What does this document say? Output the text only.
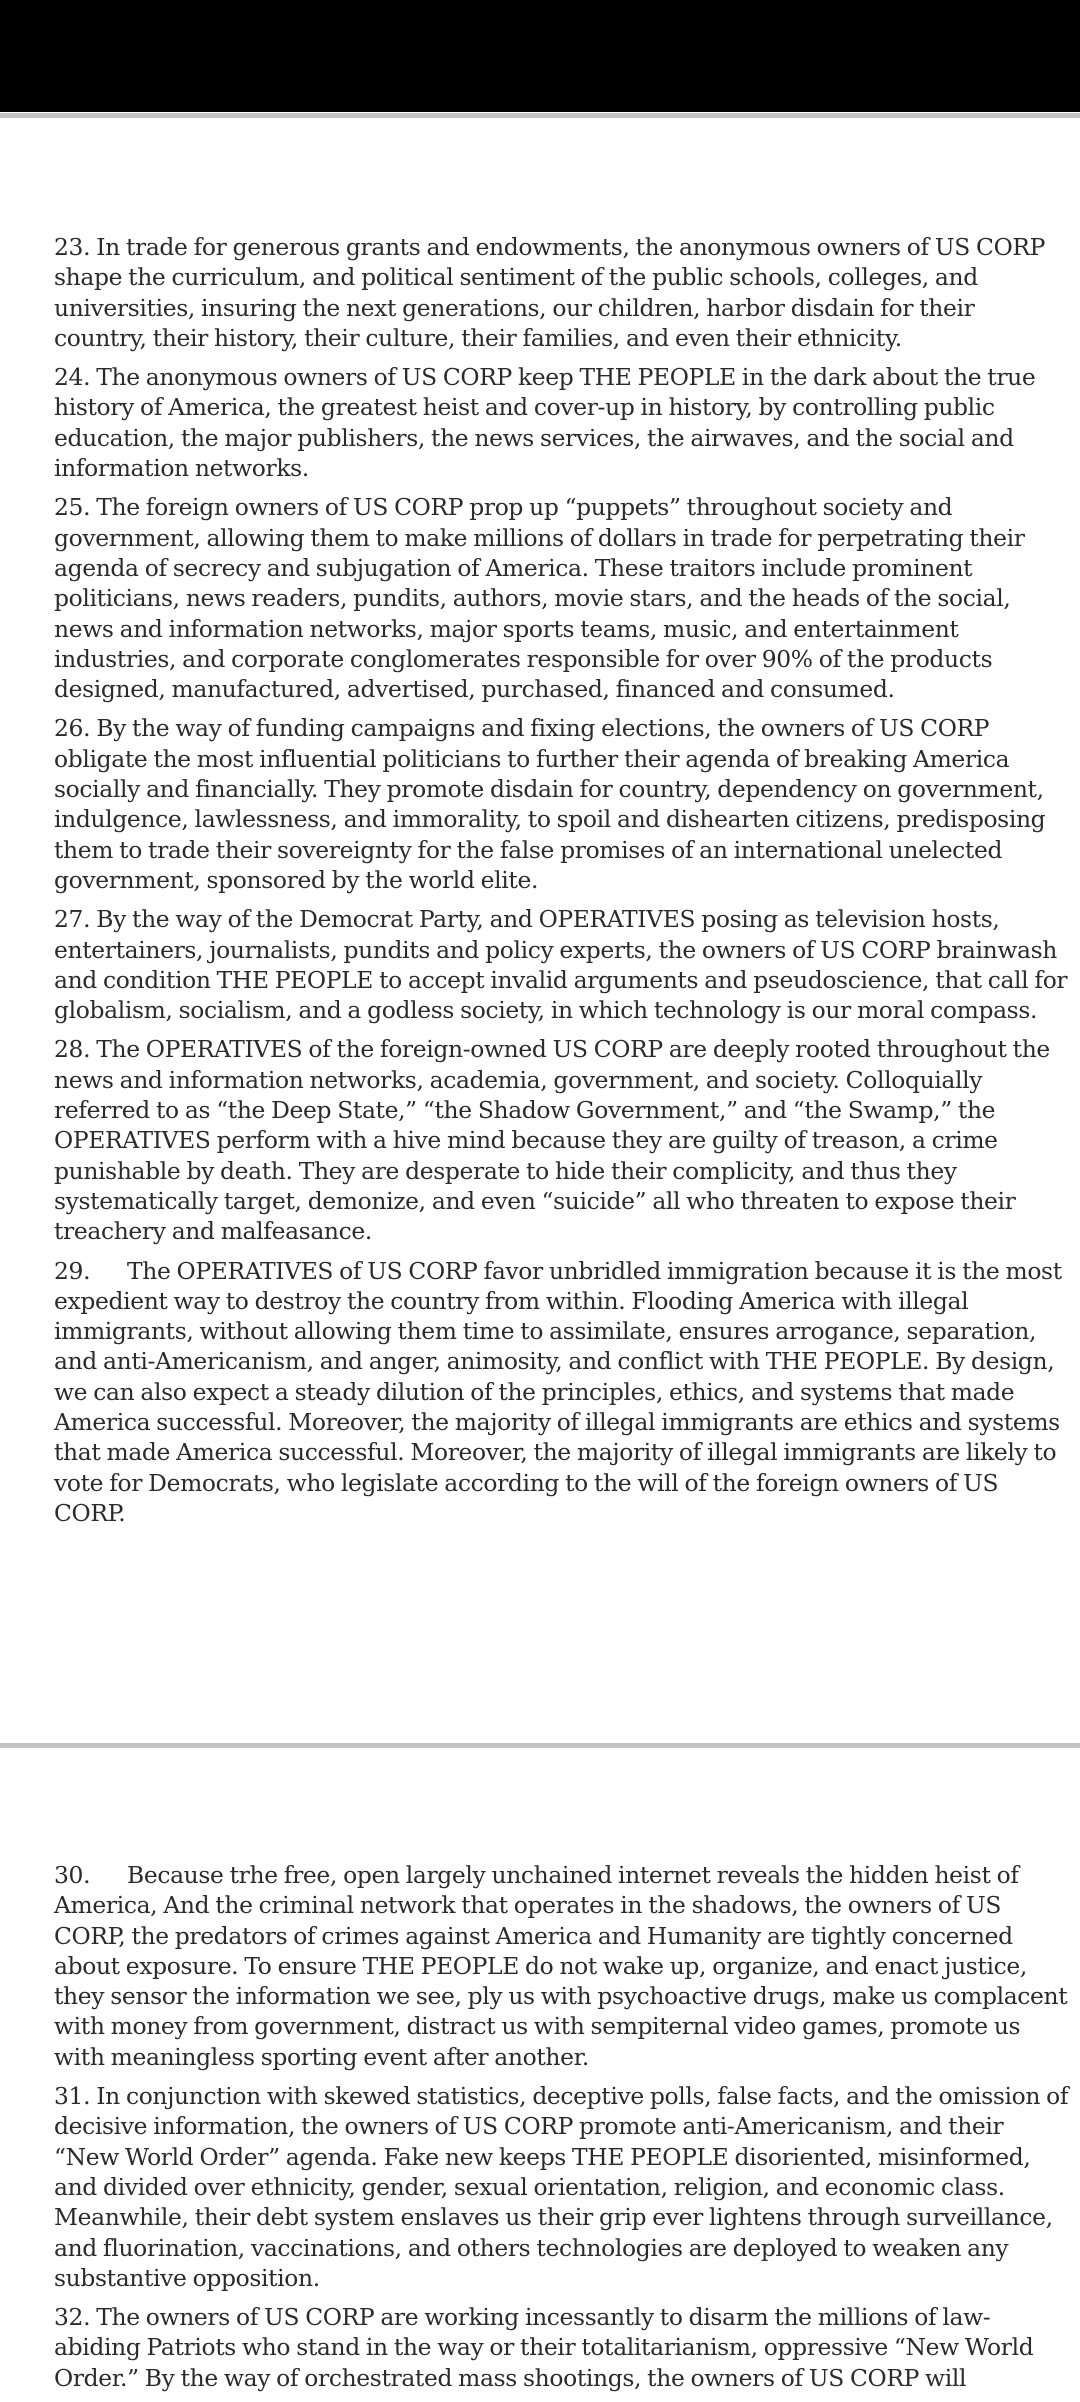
23. In trade for generous grants and endowments, the anonymous owners of US CORP shape the curriculum, and political sentiment of the public schools, colleges, and universities, insuring the next generations, our children, harbor disdain for their country, their history, their culture, their families, and even their ethnicity.

24. The anonymous owners of US CORP keep THE PEOPLE in the dark about the true history of America, the greatest heist and cover-up in history, by controlling public education, the major publishers, the news services, the airwaves, and the social and information networks.

25. The foreign owners of US CORP prop up “puppets” throughout society and government, allowing them to make millions of dollars in trade for perpetrating their agenda of secrecy and subjugation of America. These traitors include prominent politicians, news readers, pundits, authors, movie stars, and the heads of the social, news and information networks, major sports teams, music, and entertainment industries, and corporate conglomerates responsible for over 90% of the products designed, manufactured, advertised, purchased, financed and consumed.

26. By the way of funding campaigns and fixing elections, the owners of US CORP obligate the most influential politicians to further their agenda of breaking America socially and financially. They promote disdain for country, dependency on government, indulgence, lawlessness, and immorality, to spoil and dishearten citizens, predisposing them to trade their sovereignty for the false promises of an international unelected government, sponsored by the world elite.

27. By the way of the Democrat Party, and OPERATIVES posing as television hosts, entertainers, journalists, pundits and policy experts, the owners of US CORP brainwash and condition THE PEOPLE to accept invalid arguments and pseudoscience, that call for globalism, socialism, and a godless society, in which technology is our moral compass.

28. The OPERATIVES of the foreign-owned US CORP are deeply rooted throughout the news and information networks, academia, government, and society. Colloquially referred to as “the Deep State,” “the Shadow Government,” and “the Swamp,” the OPERATIVES perform with a hive mind because they are guilty of treason, a crime punishable by death. They are desperate to hide their complicity, and thus they systematically target, demonize, and even “suicide” all who threaten to expose their treachery and malfeasance.

29. The OPERATIVES of US CORP favor unbridled immigration because it is the most expedient way to destroy the country from within. Flooding America with illegal immigrants, without allowing them time to assimilate, ensures arrogance, separation, and anti-Americanism, and anger, animosity, and conflict with THE PEOPLE. By design, we can also expect a steady dilution of the principles, ethics, and systems that made America successful. Moreover, the majority of illegal immigrants are ethics and systems that made America successful. Moreover, the majority of illegal immigrants are likely to vote for Democrats, who legislate according to the will of the foreign owners of US CORP.

30. Because trhe free, open largely unchained internet reveals the hidden heist of America, And the criminal network that operates in the shadows, the owners of US CORP, the predators of crimes against America and Humanity are tightly concerned about exposure. To ensure THE PEOPLE do not wake up, organize, and enact justice, they sensor the information we see, ply us with psychoactive drugs, make us complacent with money from government, distract us with sempiternal video games, promote us with meaningless sporting event after another.

31. In conjunction with skewed statistics, deceptive polls, false facts, and the omission of decisive information, the owners of US CORP promote anti-Americanism, and their “New World Order” agenda. Fake new keeps THE PEOPLE disoriented, misinformed, and divided over ethnicity, gender, sexual orientation, religion, and economic class. Meanwhile, their debt system enslaves us their grip ever lightens through surveillance, and fluorination, vaccinations, and others technologies are deployed to weaken any substantive opposition.

32. The owners of US CORP are working incessantly to disarm the millions of law-abiding Patriots who stand in the way or their totalitarianism, oppressive “New World Order.” By the way of orchestrated mass shootings, the owners of US CORP will
